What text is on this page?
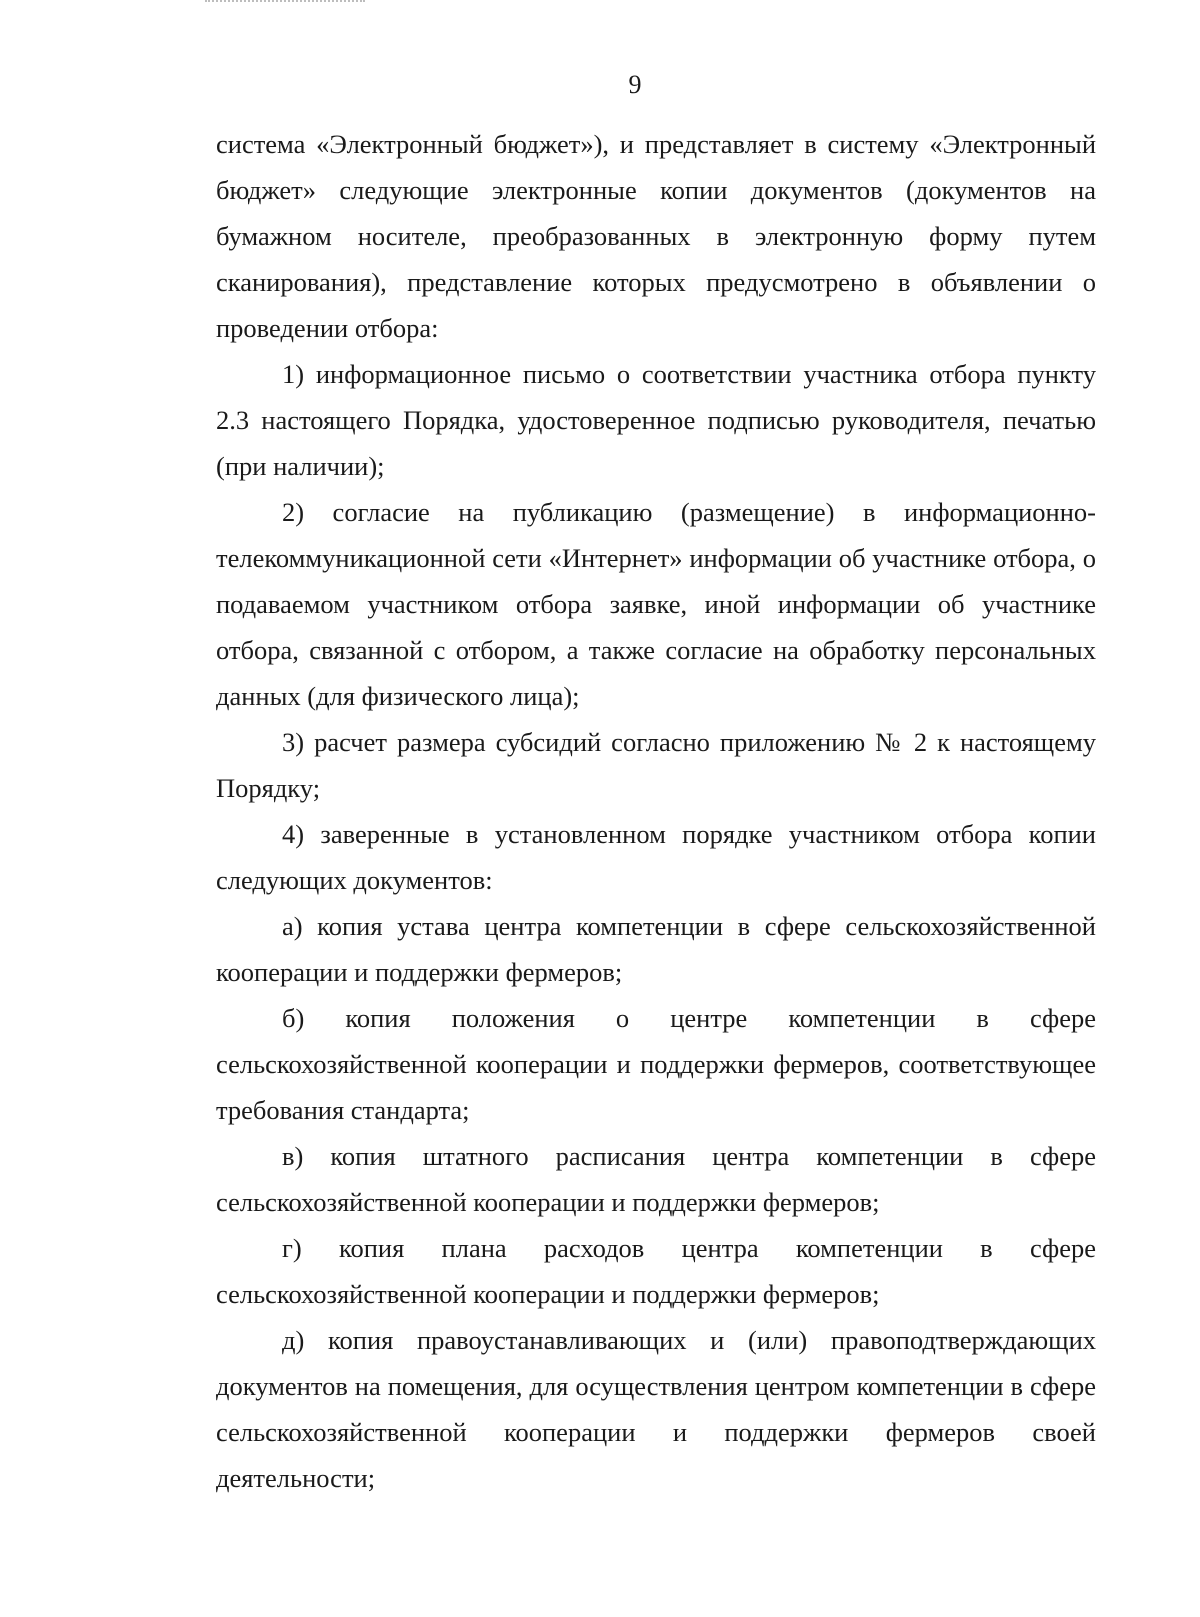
9

система «Электронный бюджет»), и представляет в систему «Электронный бюджет» следующие электронные копии документов (документов на бумажном носителе, преобразованных в электронную форму путем сканирования), представление которых предусмотрено в объявлении о проведении отбора:

1) информационное письмо о соответствии участника отбора пункту 2.3 настоящего Порядка, удостоверенное подписью руководителя, печатью (при наличии);

2) согласие на публикацию (размещение) в информационно-телекоммуникационной сети «Интернет» информации об участнике отбора, о подаваемом участником отбора заявке, иной информации об участнике отбора, связанной с отбором, а также согласие на обработку персональных данных (для физического лица);

3) расчет размера субсидий согласно приложению № 2 к настоящему Порядку;

4) заверенные в установленном порядке участником отбора копии следующих документов:

а) копия устава центра компетенции в сфере сельскохозяйственной кооперации и поддержки фермеров;

б) копия положения о центре компетенции в сфере сельскохозяйственной кооперации и поддержки фермеров, соответствующее требования стандарта;

в) копия штатного расписания центра компетенции в сфере сельскохозяйственной кооперации и поддержки фермеров;

г) копия плана расходов центра компетенции в сфере сельскохозяйственной кооперации и поддержки фермеров;

д) копия правоустанавливающих и (или) правоподтверждающих документов на помещения, для осуществления центром компетенции в сфере сельскохозяйственной кооперации и поддержки фермеров своей деятельности;
